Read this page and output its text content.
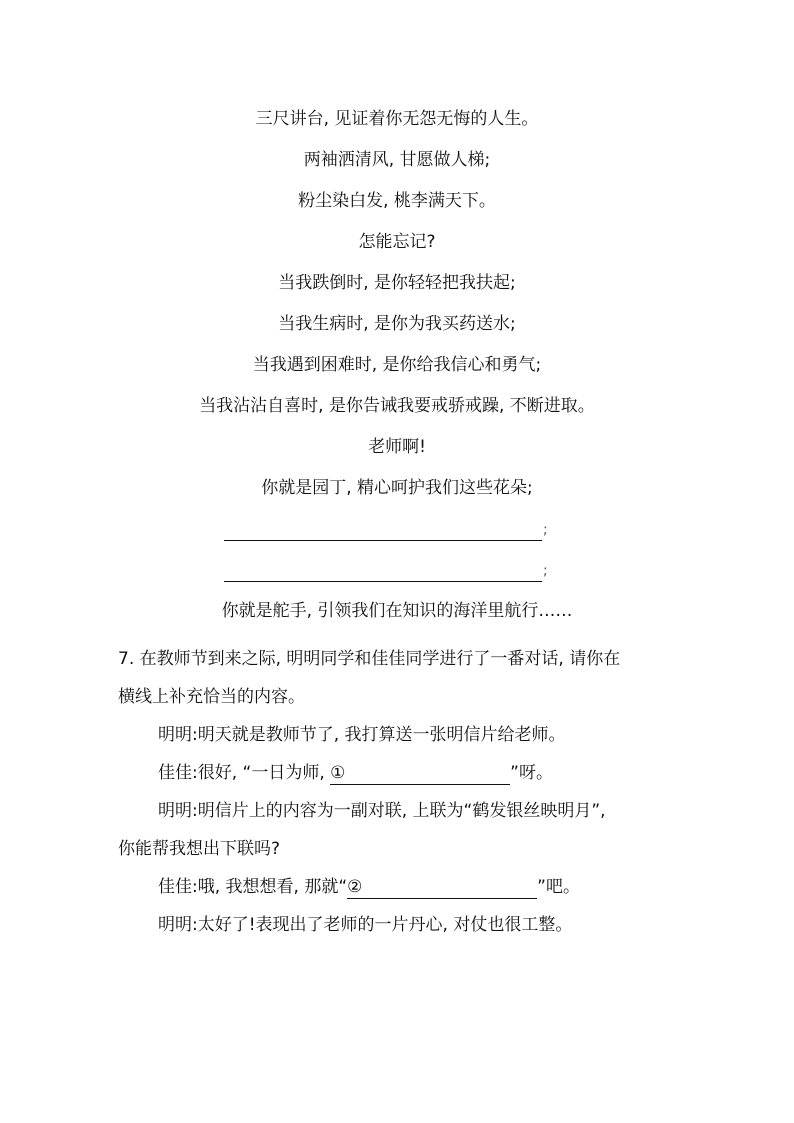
三尺讲台, 见证着你无怨无悔的人生。
两袖洒清风, 甘愿做人梯;
粉尘染白发, 桃李满天下。
怎能忘记?
当我跌倒时, 是你轻轻把我扶起;
当我生病时, 是你为我买药送水;
当我遇到困难时, 是你给我信心和勇气;
当我沾沾自喜时, 是你告诫我要戒骄戒躁, 不断进取。
老师啊!
你就是园丁, 精心呵护我们这些花朵;
;
;
你就是舵手, 引领我们在知识的海洋里航行……
7. 在教师节到来之际, 明明同学和佳佳同学进行了一番对话, 请你在
横线上补充恰当的内容。
明明:明天就是教师节了, 我打算送一张明信片给老师。
佳佳:很好, “一日为师, ①	”呀。
明明:明信片上的内容为一副对联, 上联为“鹤发银丝映明月”,
你能帮我想出下联吗?
佳佳:哦, 我想想看, 那就“②	”吧。
明明:太好了!表现出了老师的一片丹心, 对仗也很工整。
